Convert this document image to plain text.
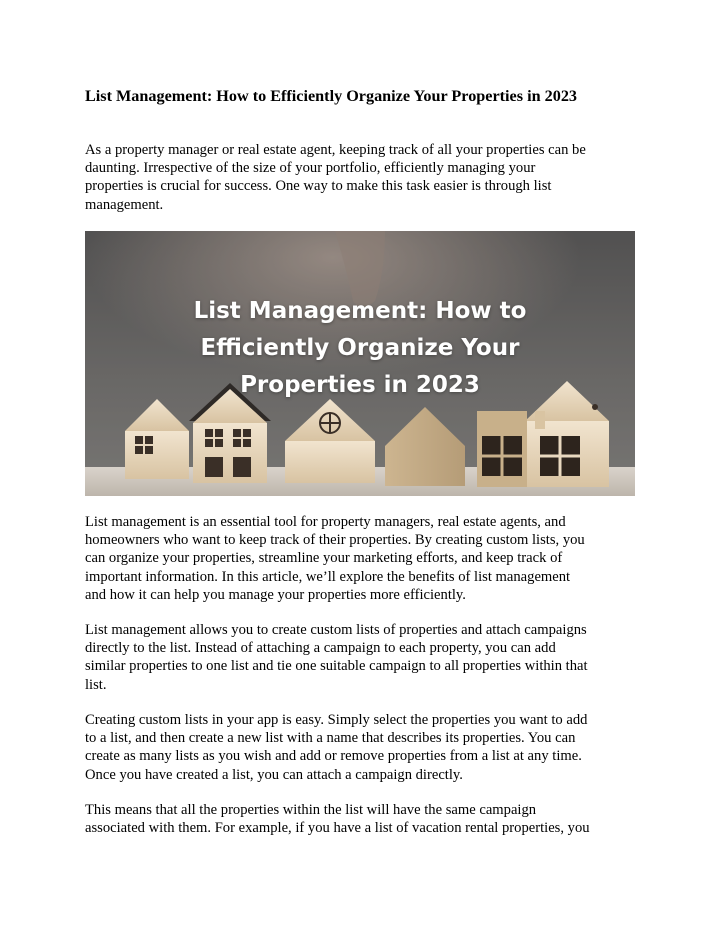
List Management: How to Efficiently Organize Your Properties in 2023

As a property manager or real estate agent, keeping track of all your properties can be
daunting. Irrespective of the size of your portfolio, efficiently managing your
properties is crucial for success. One way to make this task easier is through list
management.

List management is an essential tool for property managers, real estate agents, and
homeowners who want to keep track of their properties. By creating custom lists, you
can organize your properties, streamline your marketing efforts, and keep track of
important information. In this article, we’ll explore the benefits of list management
and how it can help you manage your properties more efficiently.

List management allows you to create custom lists of properties and attach campaigns
directly to the list. Instead of attaching a campaign to each property, you can add
similar properties to one list and tie one suitable campaign to all properties within that
list.

Creating custom lists in your app is easy. Simply select the properties you want to add
to a list, and then create a new list with a name that describes its properties. You can
create as many lists as you wish and add or remove properties from a list at any time.
Once you have created a list, you can attach a campaign directly.

This means that all the properties within the list will have the same campaign
associated with them. For example, if you have a list of vacation rental properties, you

List Management: How to
Efficiently Organize Your
Properties in 2023
